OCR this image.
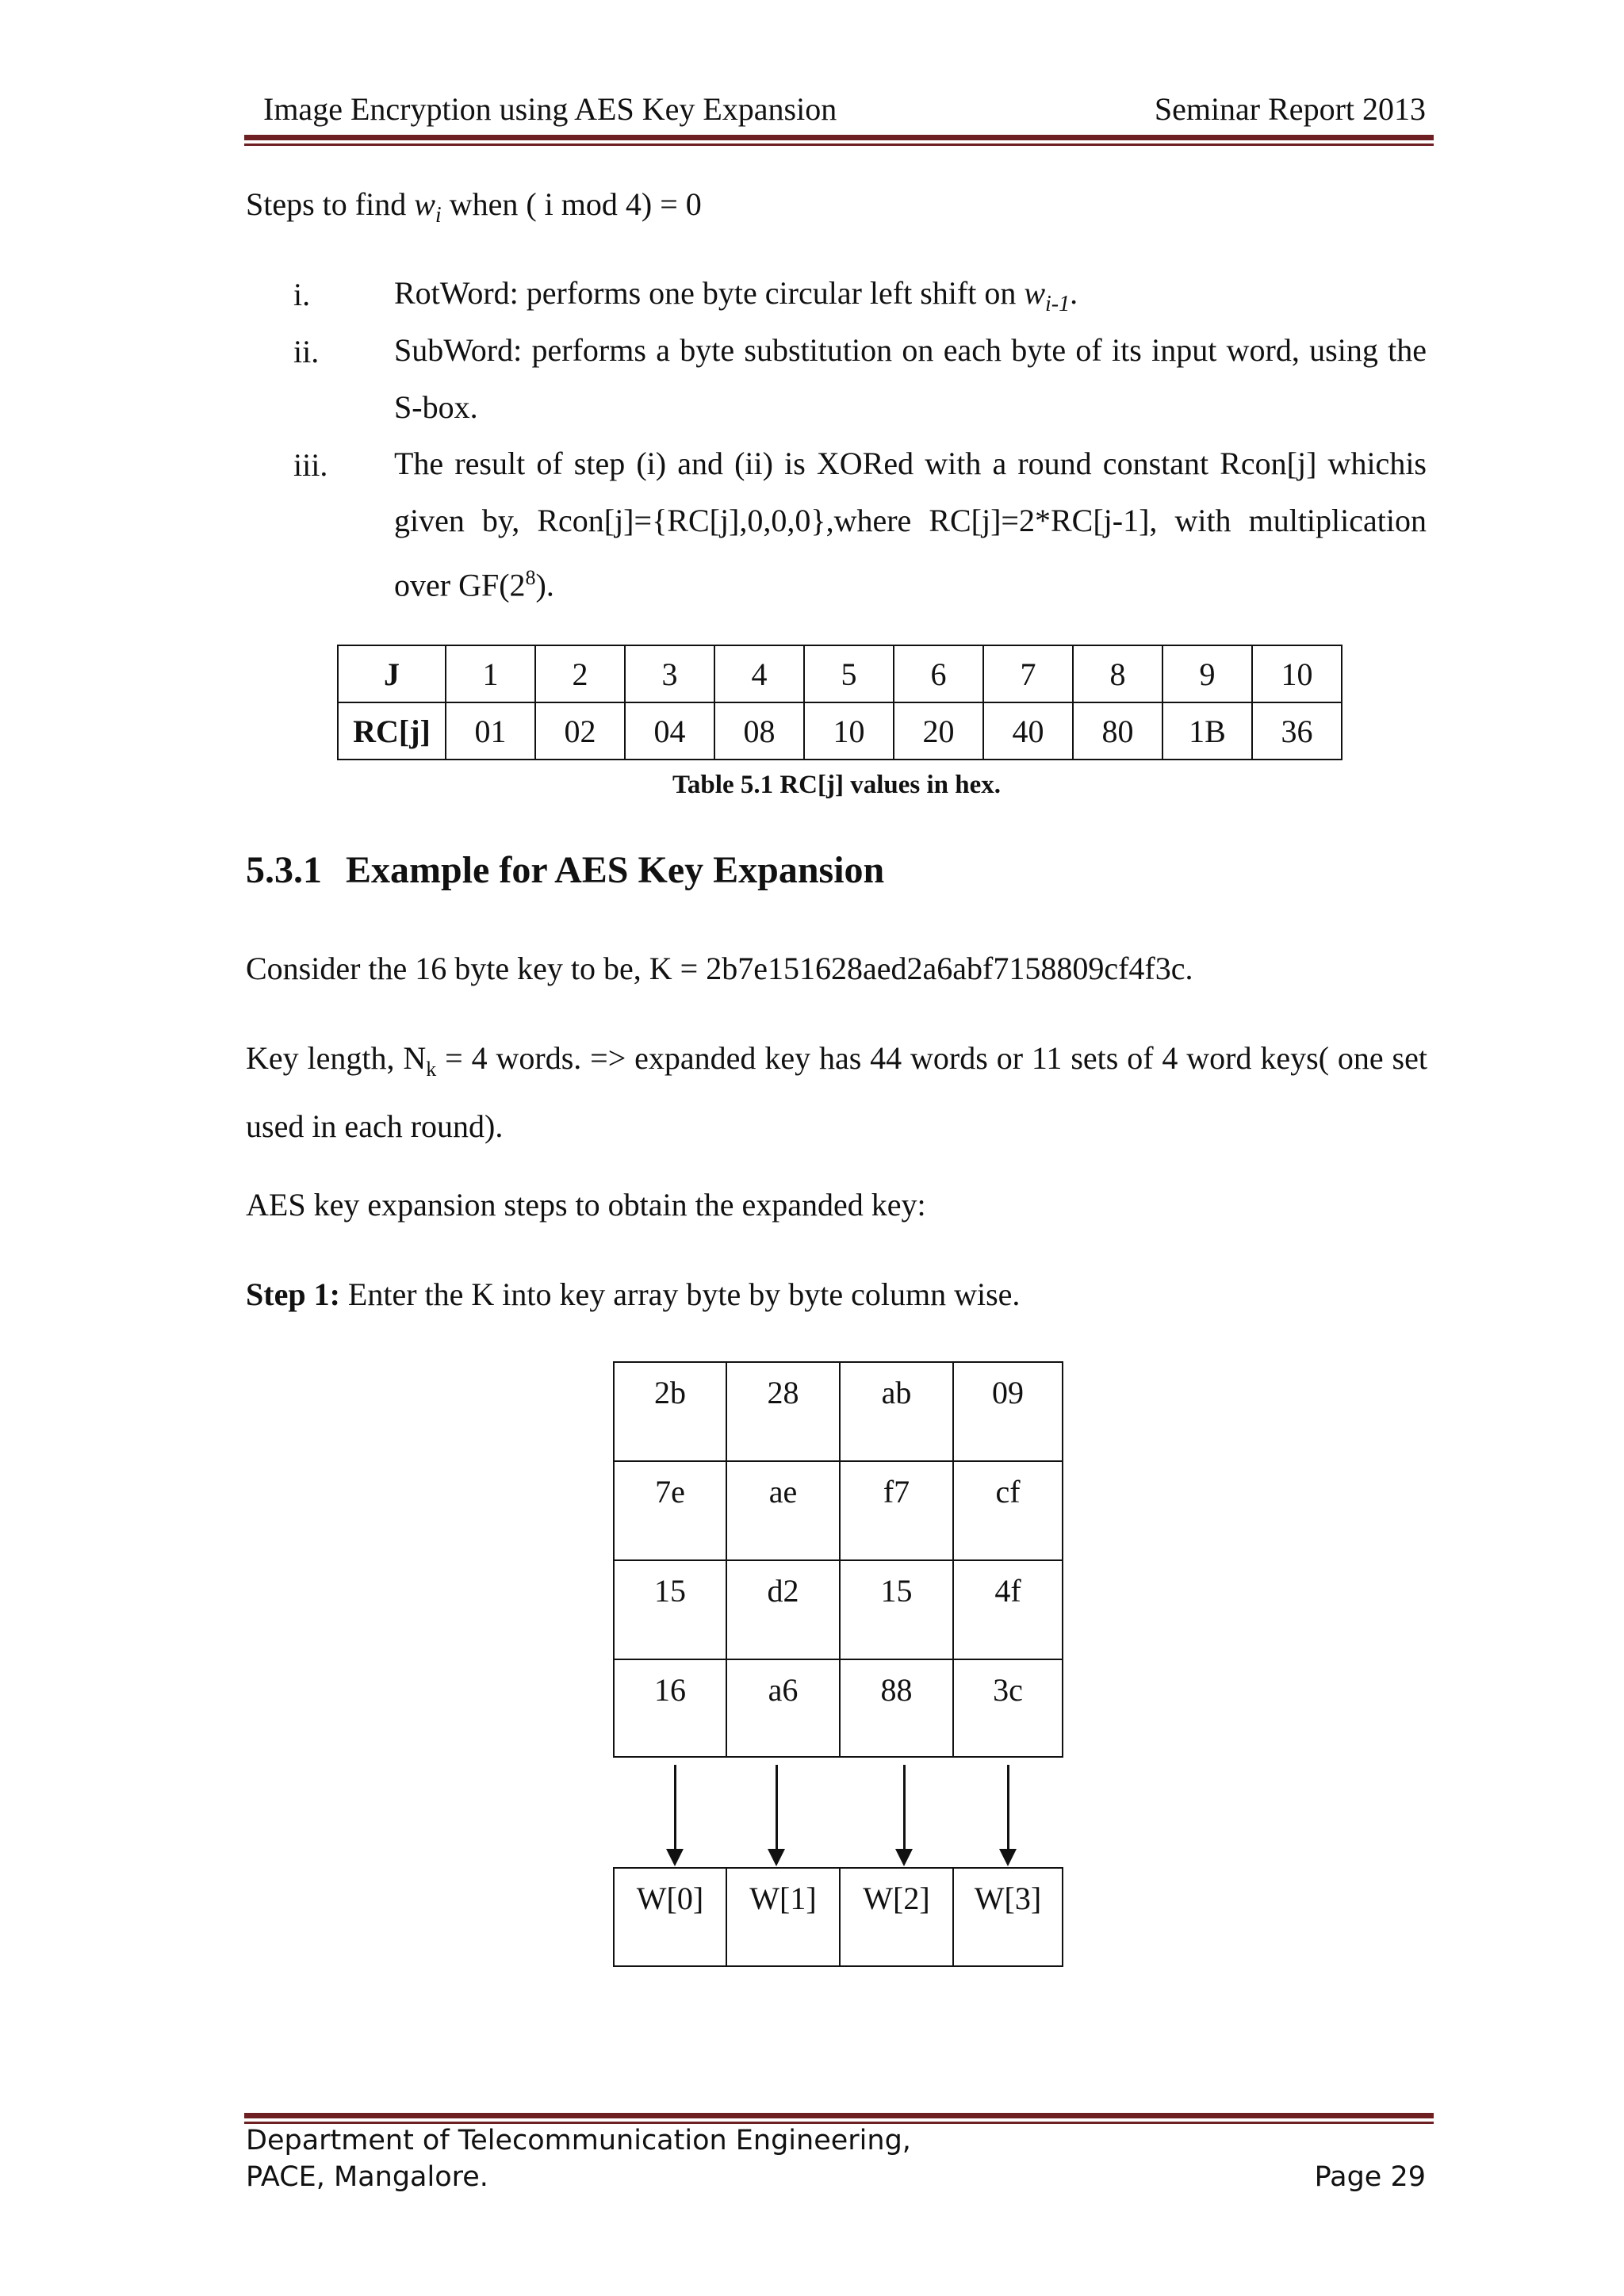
Image Encryption using AES Key Expansion	Seminar Report 2013
Steps to find $w_i$ when ( i mod 4) = 0
i.	RotWord: performs one byte circular left shift on $w_{i-1}$.
ii. SubWord: performs a byte substitution on each byte of its input word, using the S-box.
iii. The result of step (i) and (ii) is XORed with a round constant Rcon[j] whichis given by, Rcon[j]={RC[j],0,0,0},where RC[j]=2*RC[j-1], with multiplication over $GF(2^8)$.
J	1	2	3	4	5	6	7	8	9	10
RC[j]	01	02	04	08	10	20	40	80	1B	36
Table 5.1 RC[j] values in hex.
5.3.1 Example for AES Key Expansion
Consider the 16 byte key to be, K = 2b7e151628aed2a6abf7158809cf4f3c.
Key length, $N_k = 4$ words. => expanded key has 44 words or 11 sets of 4 word keys( one set used in each round).
AES key expansion steps to obtain the expanded key:
Step 1: Enter the K into key array byte by byte column wise.
2b	28	ab	09
7e	ae	f7	cf
15	d2	15	4f
16	a6	88	3c
W[0]	W[1]	W[2]	W[3]
Department of Telecommunication Engineering,
PACE, Mangalore.	Page 29
